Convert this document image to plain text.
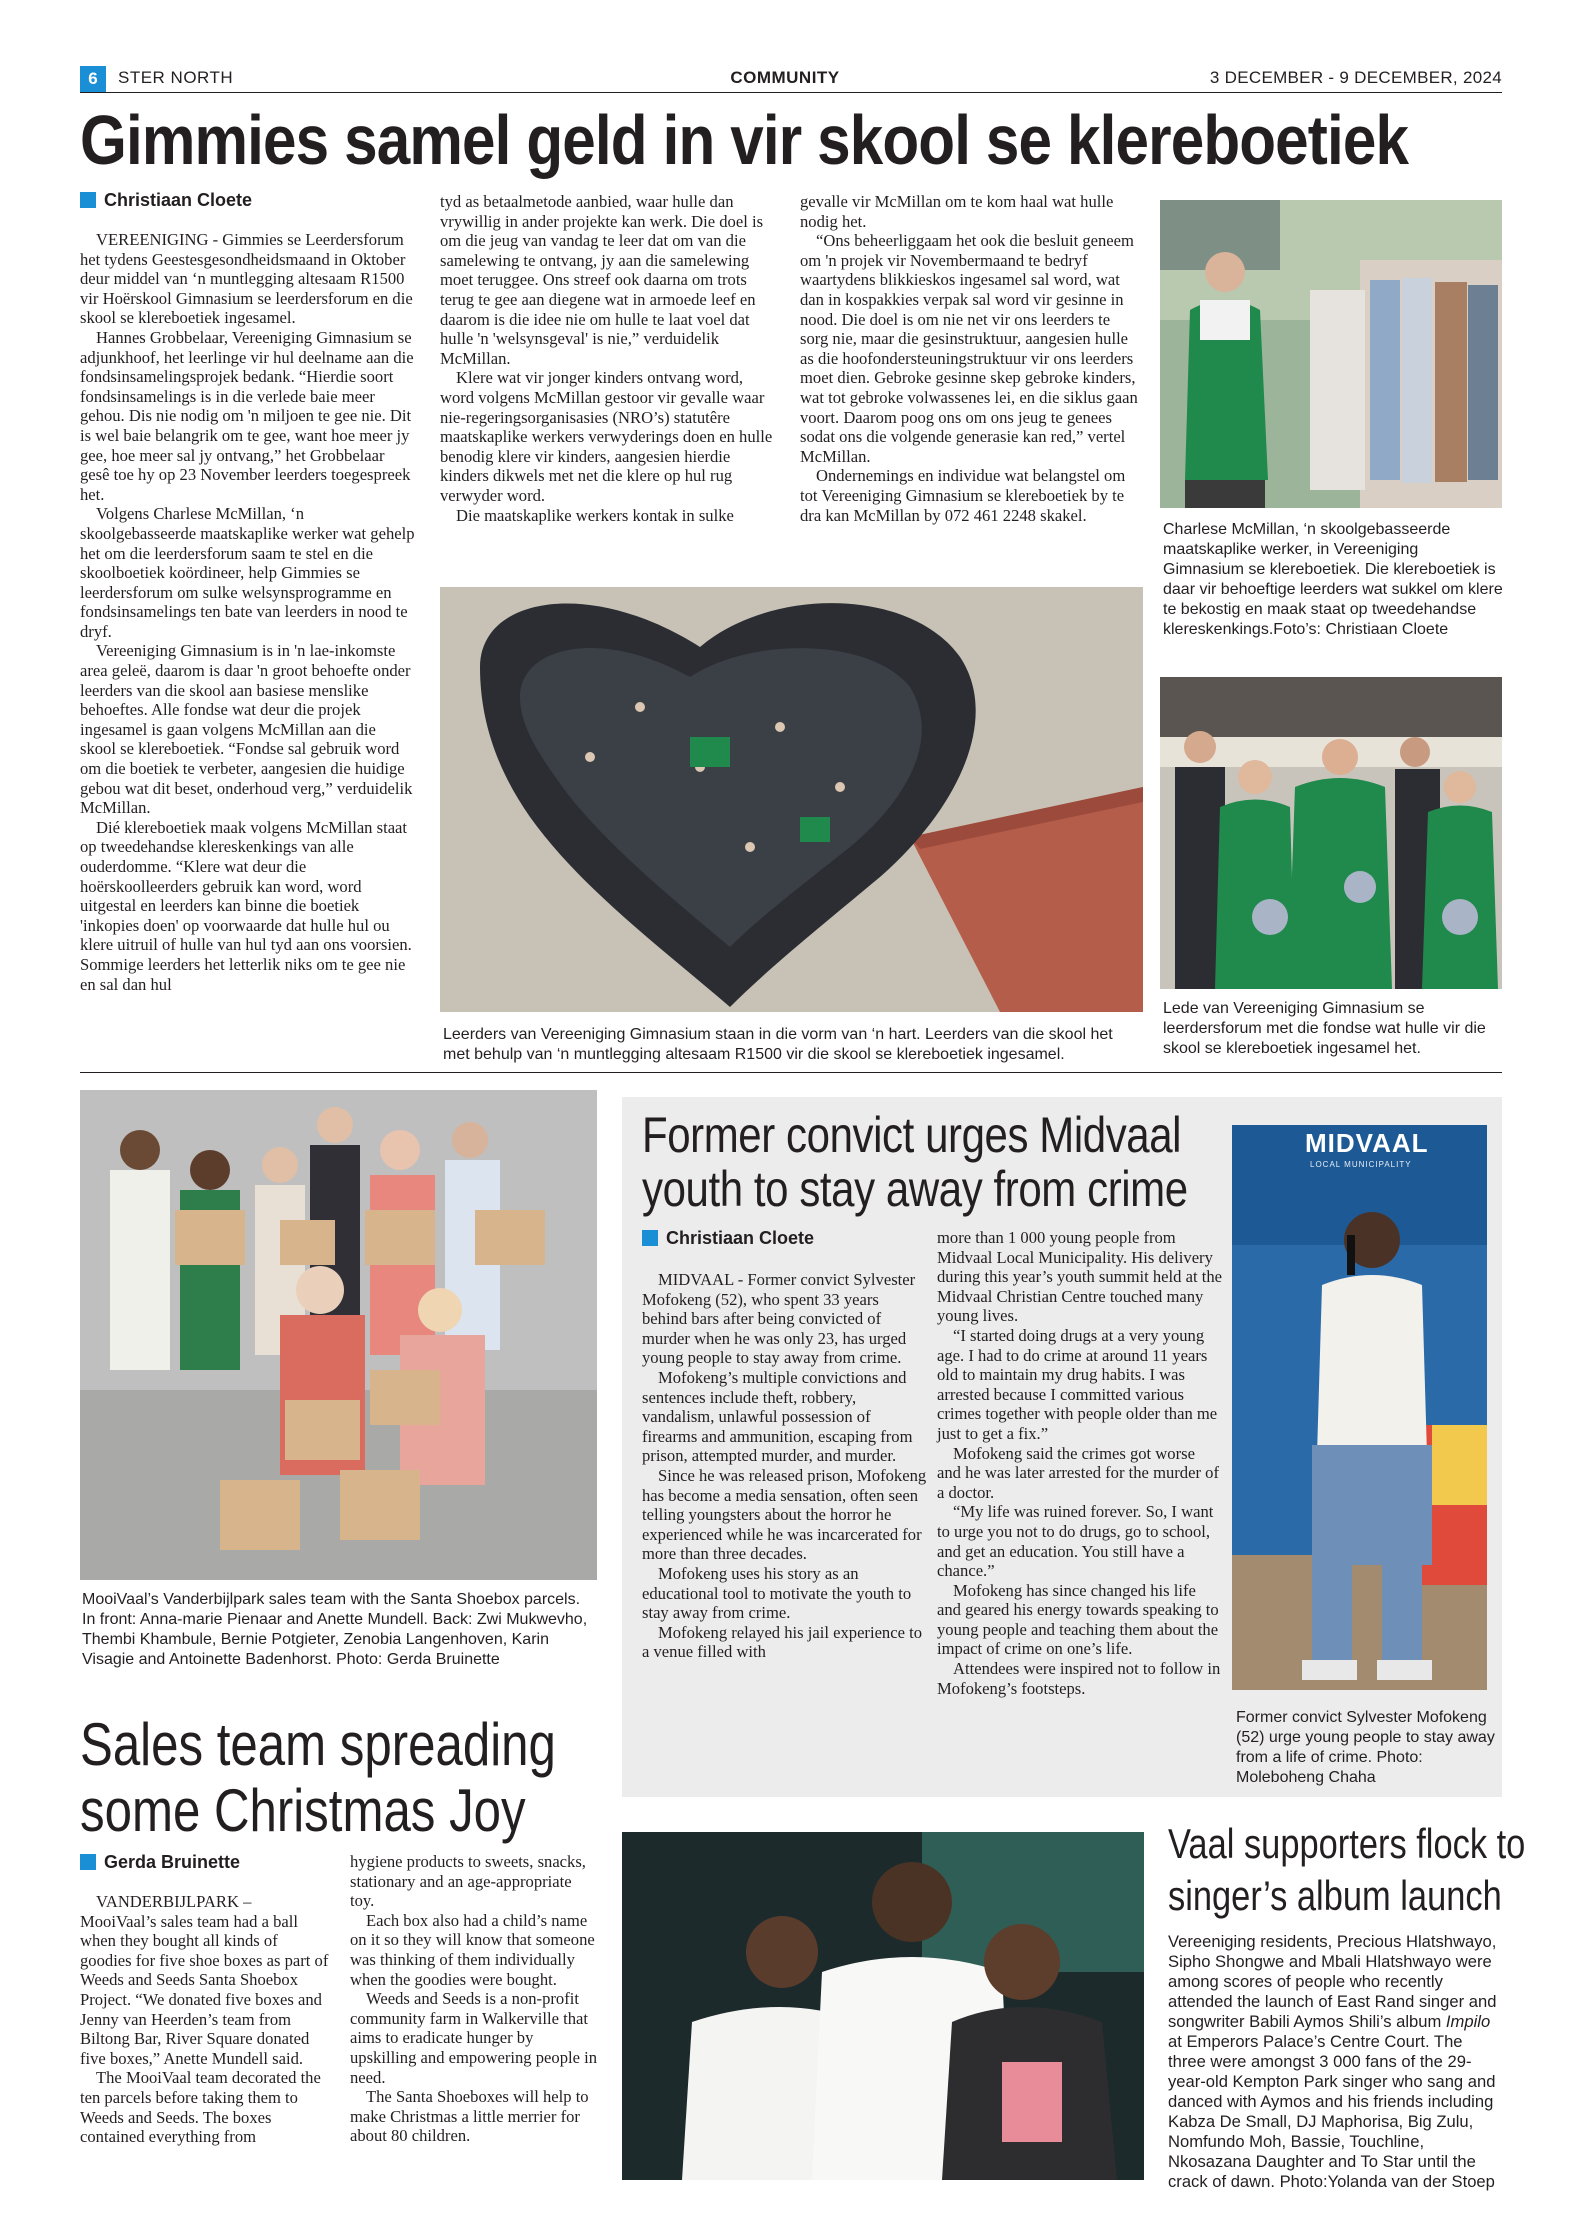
6	STER NORTH	COMMUNITY	3 DECEMBER - 9 DECEMBER, 2024
Gimmies samel geld in vir skool se klereboetiek
Christiaan Cloete

VEREENIGING - Gimmies se Leerdersforum het tydens Geestesgesondheidsmaand in Oktober deur middel van ‘n muntlegging altesaam R1500 vir Hoërskool Gimnasium se leerdersforum en die skool se klereboetiek ingesamel.

Hannes Grobbelaar, Vereeniging Gimnasium se adjunkhoof, het leerlinge vir hul deelname aan die fondsinsamelingsprojek bedank. “Hierdie soort fondsinsamelings is in die verlede baie meer gehou. Dis nie nodig om 'n miljoen te gee nie. Dit is wel baie belangrik om te gee, want hoe meer jy gee, hoe meer sal jy ontvang,” het Grobbelaar gesê toe hy op 23 November leerders toegespreek het.

Volgens Charlese McMillan, ‘n skoolgebasseerde maatskaplike werker wat gehelp het om die leerdersforum saam te stel en die skoolboetiek koördineer, help Gimmies se leerdersforum om sulke welsynsprogramme en fondsinsamelings ten bate van leerders in nood te dryf.

Vereeniging Gimnasium is in 'n lae-inkomste area geleë, daarom is daar 'n groot behoefte onder leerders van die skool aan basiese menslike behoeftes. Alle fondse wat deur die projek ingesamel is gaan volgens McMillan aan die skool se klereboetiek. “Fondse sal gebruik word om die boetiek te verbeter, aangesien die huidige gebou wat dit beset, onderhoud verg,” verduidelik McMillan.

Dié klereboetiek maak volgens McMillan staat op tweedehandse klereskenkings van alle ouderdomme. “Klere wat deur die hoërskoolleerders gebruik kan word, word uitgestal en leerders kan binne die boetiek 'inkopies doen' op voorwaarde dat hulle hul ou klere uitruil of hulle van hul tyd aan ons voorsien. Sommige leerders het letterlik niks om te gee nie en sal dan hul

tyd as betaalmetode aanbied, waar hulle dan vrywillig in ander projekte kan werk. Die doel is om die jeug van vandag te leer dat om van die samelewing te ontvang, jy aan die samelewing moet teruggee. Ons streef ook daarna om trots terug te gee aan diegene wat in armoede leef en daarom is die idee nie om hulle te laat voel dat hulle 'n 'welsynsgeval' is nie,” verduidelik McMillan.

Klere wat vir jonger kinders ontvang word, word volgens McMillan gestoor vir gevalle waar nie-regeringsorganisasies (NRO’s) statutêre maatskaplike werkers verwyderings doen en hulle benodig klere vir kinders, aangesien hierdie kinders dikwels met net die klere op hul rug verwyder word.

Die maatskaplike werkers kontak in sulke

gevalle vir McMillan om te kom haal wat hulle nodig het.

“Ons beheerliggaam het ook die besluit geneem om 'n projek vir Novembermaand te bedryf waartydens blikkieskos ingesamel sal word, wat dan in kospakkies verpak sal word vir gesinne in nood. Die doel is om nie net vir ons leerders te sorg nie, maar die gesinstruktuur, aangesien hulle as die hoofondersteuningstruktuur vir ons leerders moet dien. Gebroke gesinne skep gebroke kinders, wat tot gebroke volwassenes lei, en die siklus gaan voort. Daarom poog ons om ons jeug te genees sodat ons die volgende generasie kan red,” vertel McMillan.

Ondernemings en individue wat belangstel om tot Vereeniging Gimnasium se klereboetiek by te dra kan McMillan by 072 461 2248 skakel.

Charlese McMillan, ‘n skoolgebasseerde maatskaplike werker, in Vereeniging Gimnasium se klereboetiek. Die klereboetiek is daar vir behoeftige leerders wat sukkel om klere te bekostig en maak staat op tweedehandse klereskenkings.Foto’s: Christiaan Cloete
Leerders van Vereeniging Gimnasium staan in die vorm van ‘n hart. Leerders van die skool het met behulp van ‘n muntlegging altesaam R1500 vir die skool se klereboetiek ingesamel.
Lede van Vereeniging Gimnasium se leerdersforum met die fondse wat hulle vir die skool se klereboetiek ingesamel het.
MooiVaal’s Vanderbijlpark sales team with the Santa Shoebox parcels. In front: Anna-marie Pienaar and Anette Mundell. Back: Zwi Mukwevho, Thembi Khambule, Bernie Potgieter, Zenobia Langenhoven, Karin Visagie and Antoinette Badenhorst. Photo: Gerda Bruinette
Sales team spreading
some Christmas Joy
Gerda Bruinette

VANDERBIJLPARK – MooiVaal’s sales team had a ball when they bought all kinds of goodies for five shoe boxes as part of Weeds and Seeds Santa Shoebox Project. “We donated five boxes and Jenny van Heerden’s team from Biltong Bar, River Square donated five boxes,” Anette Mundell said.

The MooiVaal team decorated the ten parcels before taking them to Weeds and Seeds. The boxes contained everything from

hygiene products to sweets, snacks, stationary and an age-appropriate toy.

Each box also had a child’s name on it so they will know that someone was thinking of them individually when the goodies were bought.

Weeds and Seeds is a non-profit community farm in Walkerville that aims to eradicate hunger by upskilling and empowering people in need.

The Santa Shoeboxes will help to make Christmas a little merrier for about 80 children.

Former convict urges Midvaal
youth to stay away from crime
Christiaan Cloete

MIDVAAL - Former convict Sylvester Mofokeng (52), who spent 33 years behind bars after being convicted of murder when he was only 23, has urged young people to stay away from crime.

Mofokeng’s multiple convictions and sentences include theft, robbery, vandalism, unlawful possession of firearms and ammunition, escaping from prison, attempted murder, and murder.

Since he was released prison, Mofokeng has become a media sensation, often seen telling youngsters about the horror he experienced while he was incarcerated for more than three decades.

Mofokeng uses his story as an educational tool to motivate the youth to stay away from crime.

Mofokeng relayed his jail experience to a venue filled with

more than 1 000 young people from Midvaal Local Municipality. His delivery during this year’s youth summit held at the Midvaal Christian Centre touched many young lives.

“I started doing drugs at a very young age. I had to do crime at around 11 years old to maintain my drug habits. I was arrested because I committed various crimes together with people older than me just to get a fix.”

Mofokeng said the crimes got worse and he was later arrested for the murder of a doctor.

“My life was ruined forever. So, I want to urge you not to do drugs, go to school, and get an education. You still have a chance.”

Mofokeng has since changed his life and geared his energy towards speaking to young people and teaching them about the impact of crime on one’s life.

Attendees were inspired not to follow in Mofokeng’s footsteps.

MIDVAAL
LOCAL MUNICIPALITY
Former convict Sylvester Mofokeng (52) urge young people to stay away from a life of crime. Photo: Moleboheng Chaha
Vaal supporters flock to
singer’s album launch
Vereeniging residents, Precious Hlatshwayo, Sipho Shongwe and Mbali Hlatshwayo were among scores of people who recently attended the launch of East Rand singer and songwriter Babili Aymos Shili’s album Impilo at Emperors Palace’s Centre Court. The three were amongst 3 000 fans of the 29-year-old Kempton Park singer who sang and danced with Aymos and his friends including Kabza De Small, DJ Maphorisa, Big Zulu, Nomfundo Moh, Bassie, Touchline, Nkosazana Daughter and To Star until the crack of dawn. Photo:Yolanda van der Stoep
